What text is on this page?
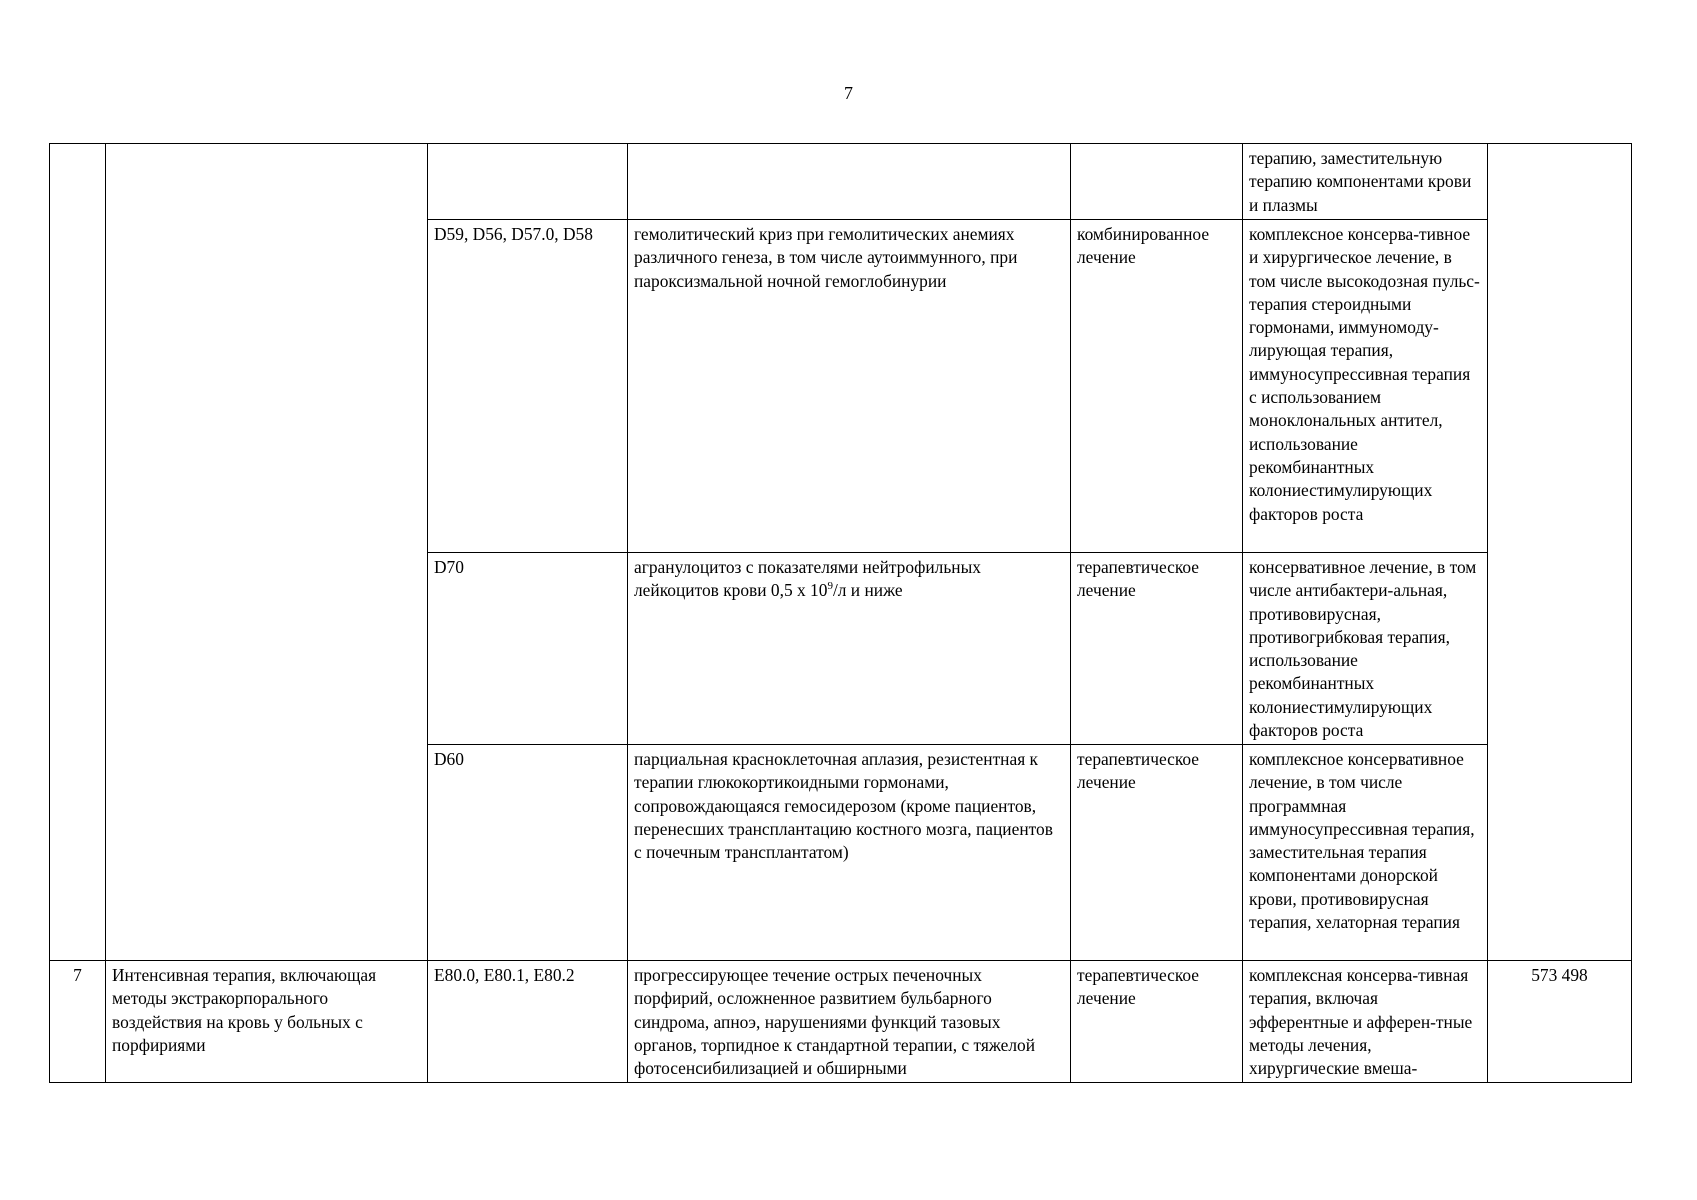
7
					терапию, заместительную терапию компонентами крови и плазмы	
		D59, D56, D57.0, D58	гемолитический криз при гемолитических анемиях различного генеза, в том числе аутоиммунного, при пароксизмальной ночной гемоглобинурии	комбинированное лечение	комплексное консерва-тивное и хирургическое лечение, в том числе высокодозная пульс-терапия стероидными гормонами, иммуномоду-лирующая терапия, иммуносупрессивная терапия с использованием моноклональных антител, использование рекомбинантных колониестимулирующих факторов роста	
		D70	агранулоцитоз с показателями нейтрофильных лейкоцитов крови 0,5 х $10^9/л$ и ниже	терапевтическое лечение	консервативное лечение, в том числе антибактери-альная, противовирусная, противогрибковая терапия, использование рекомбинантных колониестимулирующих факторов роста	
		D60	парциальная красноклеточная аплазия, резистентная к терапии глюкокортикоидными гормонами, сопровождающаяся гемосидерозом (кроме пациентов, перенесших трансплантацию костного мозга, пациентов с почечным трансплантатом)	терапевтическое лечение	комплексное консервативное лечение, в том числе программная иммуносупрессивная терапия, заместительная терапия компонентами донорской крови, противовирусная терапия, хелаторная терапия	
7	Интенсивная терапия, включающая методы экстракорпорального воздействия на кровь у больных с порфириями	E80.0, E80.1, E80.2	прогрессирующее течение острых печеночных порфирий, осложненное развитием бульбарного синдрома, апноэ, нарушениями функций тазовых органов, торпидное к стандартной терапии, с тяжелой фотосенсибилизацией и обширными	терапевтическое лечение	комплексная консерва-тивная терапия, включая эфферентные и афферен-тные методы лечения, хирургические вмеша-	573 498
